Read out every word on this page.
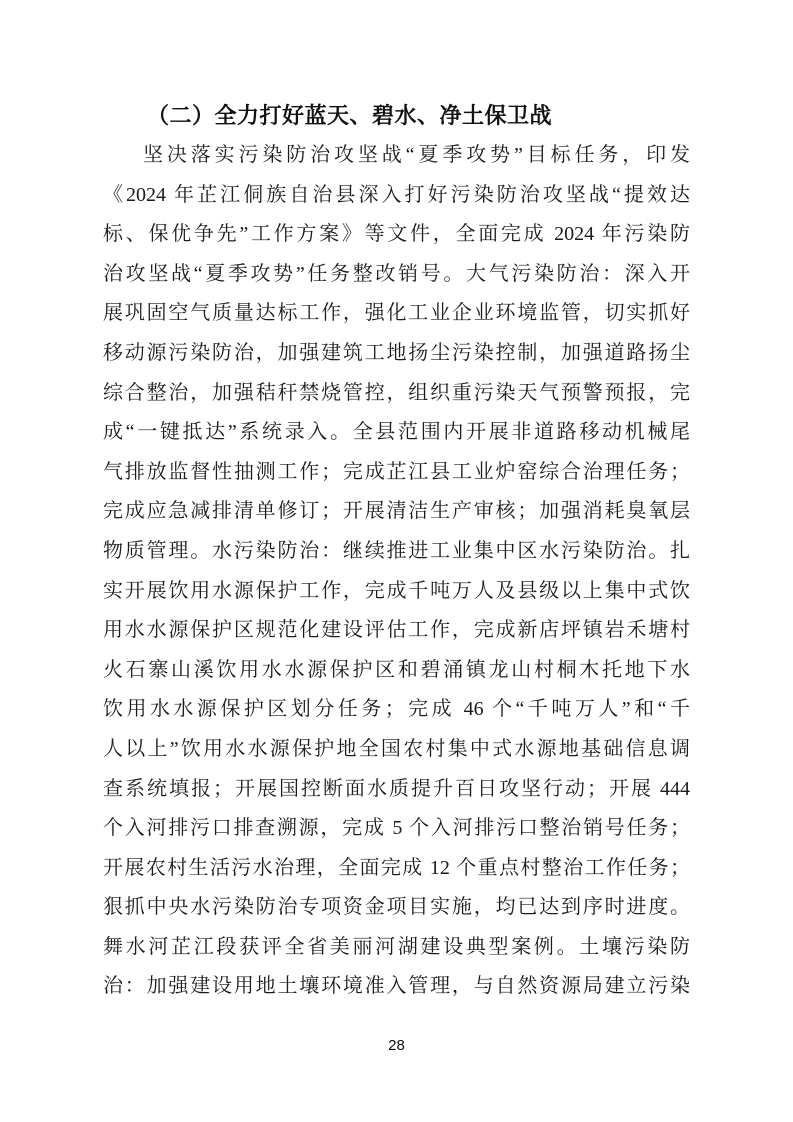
（二）全力打好蓝天、碧水、净土保卫战
坚决落实污染防治攻坚战“夏季攻势”目标任务，印发
《2024 年芷江侗族自治县深入打好污染防治攻坚战“提效达
标、保优争先”工作方案》等文件，全面完成 2024 年污染防
治攻坚战“夏季攻势”任务整改销号。大气污染防治：深入开
展巩固空气质量达标工作，强化工业企业环境监管，切实抓好
移动源污染防治，加强建筑工地扬尘污染控制，加强道路扬尘
综合整治，加强秸秆禁烧管控，组织重污染天气预警预报，完
成“一键抵达”系统录入。全县范围内开展非道路移动机械尾
气排放监督性抽测工作；完成芷江县工业炉窑综合治理任务；
完成应急减排清单修订；开展清洁生产审核；加强消耗臭氧层
物质管理。水污染防治：继续推进工业集中区水污染防治。扎
实开展饮用水源保护工作，完成千吨万人及县级以上集中式饮
用水水源保护区规范化建设评估工作，完成新店坪镇岩禾塘村
火石寨山溪饮用水水源保护区和碧涌镇龙山村桐木托地下水
饮用水水源保护区划分任务；完成 46 个“千吨万人”和“千
人以上”饮用水水源保护地全国农村集中式水源地基础信息调
查系统填报；开展国控断面水质提升百日攻坚行动；开展 444
个入河排污口排查溯源，完成 5 个入河排污口整治销号任务；
开展农村生活污水治理，全面完成 12 个重点村整治工作任务；
狠抓中央水污染防治专项资金项目实施，均已达到序时进度。
舞水河芷江段获评全省美丽河湖建设典型案例。土壤污染防
治：加强建设用地土壤环境准入管理，与自然资源局建立污染
28
